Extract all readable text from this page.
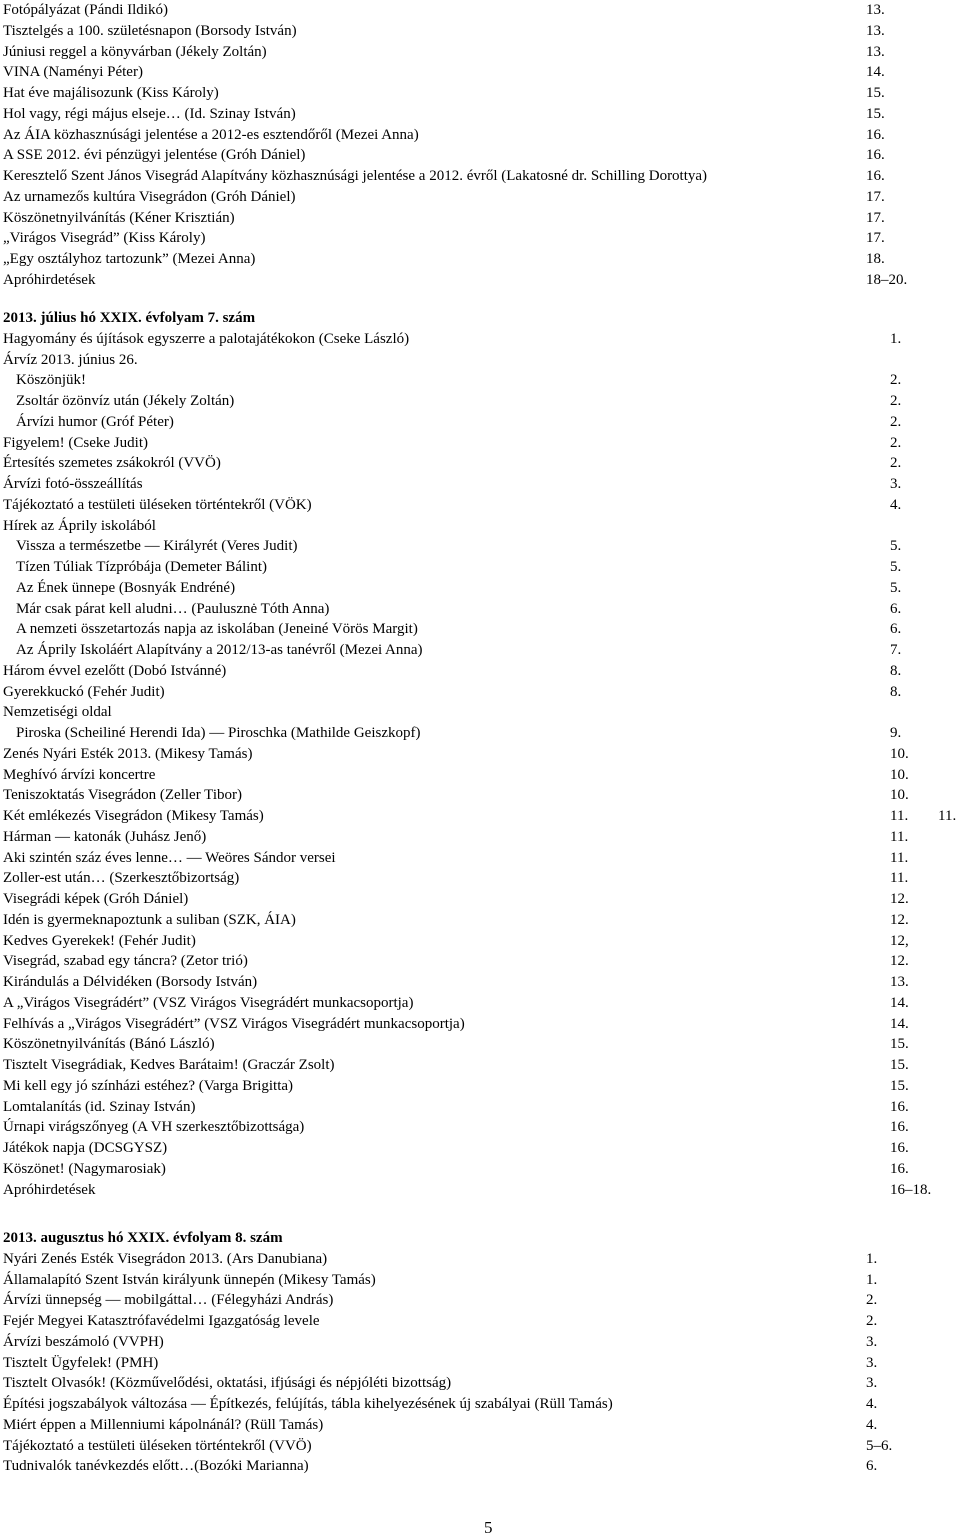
Fotópályázat (Pándi Ildikó)	13.
Tisztelgés a 100. születésnapon (Borsody István)	13.
Júniusi reggel a könyvárban (Jékely Zoltán)	13.
VINA (Naményi Péter)	14.
Hat éve majálisozunk (Kiss Károly)	15.
Hol vagy, régi május elseje… (Id. Szinay István)	15.
Az ÁIA közhasznúsági jelentése a 2012-es esztendőről (Mezei Anna)	16.
A SSE 2012. évi pénzügyi jelentése (Gróh Dániel)	16.
Keresztelő Szent János Visegrád Alapítvány közhasznúsági jelentése a 2012. évről (Lakatosné dr. Schilling Dorottya)	16.
Az urnamezős kultúra Visegrádon (Gróh Dániel)	17.
Köszönetnyilvánítás (Kéner Krisztián)	17.
„Virágos Visegrád” (Kiss Károly)	17.
„Egy osztályhoz tartozunk” (Mezei Anna)	18.
Apróhirdetések	18–20.
2013. július hó XXIX. évfolyam 7. szám
Hagyomány és újítások egyszerre a palotajátékokon (Cseke László)	1.
Árvíz 2013. június 26.
Köszönjük!	2.
Zsoltár özönvíz után (Jékely Zoltán)	2.
Árvízi humor (Gróf Péter)	2.
Figyelem! (Cseke Judit)	2.
Értesítés szemetes zsákokról (VVÖ)	2.
Árvízi fotó-összeállítás	3.
Tájékoztató a testületi üléseken történtekről (VÖK)	4.
Hírek az Áprily iskolából
Vissza a természetbe — Királyrét (Veres Judit)	5.
Tízen Túliak Tízpróbája (Demeter Bálint)	5.
Az Ének ünnepe (Bosnyák Endréné)	5.
Már csak párat kell aludni… (Paulusznė Tóth Anna)	6.
A nemzeti összetartozás napja az iskolában (Jeneiné Vörös Margit)	6.
Az Áprily Iskoláért Alapítvány a 2012/13-as tanévről (Mezei Anna)	7.
Három évvel ezelőtt (Dobó Istvánné)	8.
Gyerekkuckó (Fehér Judit)	8.
Nemzetiségi oldal
Piroska (Scheiliné Herendi Ida) — Piroschka (Mathilde Geiszkopf)	9.
Zenés Nyári Esték 2013. (Mikesy Tamás)	10.
Meghívó árvízi koncertre	10.
Teniszoktatás Visegrádon (Zeller Tibor)	10.
Két emlékezés Visegrádon (Mikesy Tamás)	11. 11.
Hárman — katonák (Juhász Jenő)	11.
Aki szintén száz éves lenne… — Weöres Sándor versei	11.
Zoller-est után… (Szerkesztőbizortság)	11.
Visegrádi képek (Gróh Dániel)	12.
Idén is gyermeknapoztunk a suliban (SZK, ÁIA)	12.
Kedves Gyerekek! (Fehér Judit)	12,
Visegrád, szabad egy táncra? (Zetor trió)	12.
Kirándulás a Délvidéken (Borsody István)	13.
A „Virágos Visegrádért” (VSZ Virágos Visegrádért munkacsoportja)	14.
Felhívás a „Virágos Visegrádért” (VSZ Virágos Visegrádért munkacsoportja)	14.
Köszönetnyilvánítás (Bánó László)	15.
Tisztelt Visegrádiak, Kedves Barátaim! (Graczár Zsolt)	15.
Mi kell egy jó színházi estéhez? (Varga Brigitta)	15.
Lomtalanítás (id. Szinay István)	16.
Úrnapi virágszőnyeg (A VH szerkesztőbizottsága)	16.
Játékok napja (DCSGYSZ)	16.
Köszönet! (Nagymarosiak)	16.
Apróhirdetések	16–18.
2013. augusztus hó XXIX. évfolyam 8. szám
Nyári Zenés Esték Visegrádon 2013. (Ars Danubiana)	1.
Államalapító Szent István királyunk ünnepén (Mikesy Tamás)	1.
Árvízi ünnepség — mobilgáttal… (Félegyházi András)	2.
Fejér Megyei Katasztrófavédelmi Igazgatóság levele	2.
Árvízi beszámoló (VVPH)	3.
Tisztelt Ügyfelek! (PMH)	3.
Tisztelt Olvasók! (Közművelődési, oktatási, ifjúsági és népjóléti bizottság)	3.
Építési jogszabályok változása — Építkezés, felújítás, tábla kihelyezésének új szabályai (Rüll Tamás)	4.
Miért éppen a Millenniumi kápolnánál? (Rüll Tamás)	4.
Tájékoztató a testületi üléseken történtekről (VVÖ)	5–6.
Tudnivalók tanévkezdés előtt…(Bozóki Marianna)	6.
5
